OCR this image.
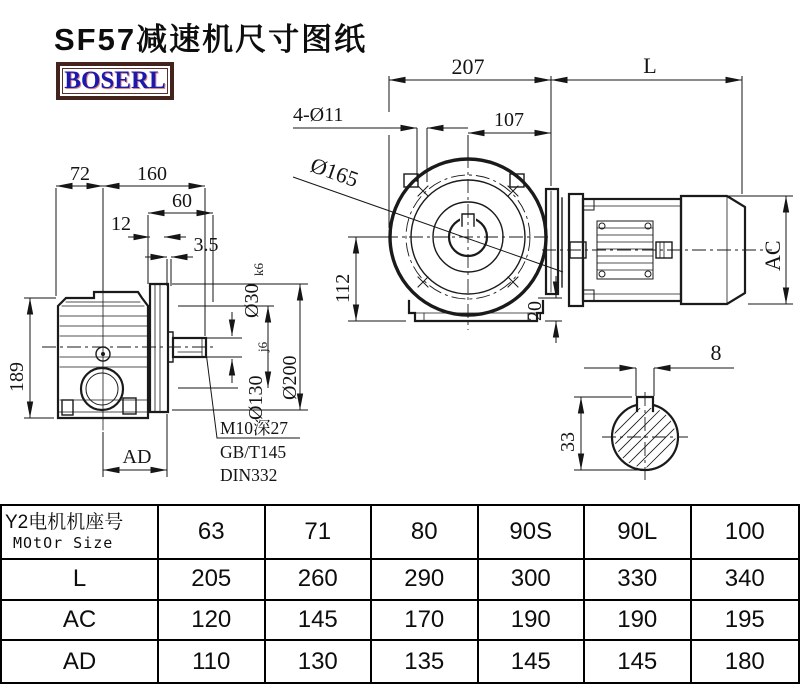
SF57减速机尺寸图纸
BOSERL
72 160
60
12
3.5
Ø30
k6
Ø130
j6
Ø200
189
AD
M10深27
GB/T145
DIN332
207	L
107
4-Ø11
Ø165
112
20
AC
8
33
Y2电机机座号
MOtOr Size	63	71	80	90S	90L	100
L	205	260	290	300	330	340
AC	120	145	170	190	190	195
AD	110	130	135	145	145	180
